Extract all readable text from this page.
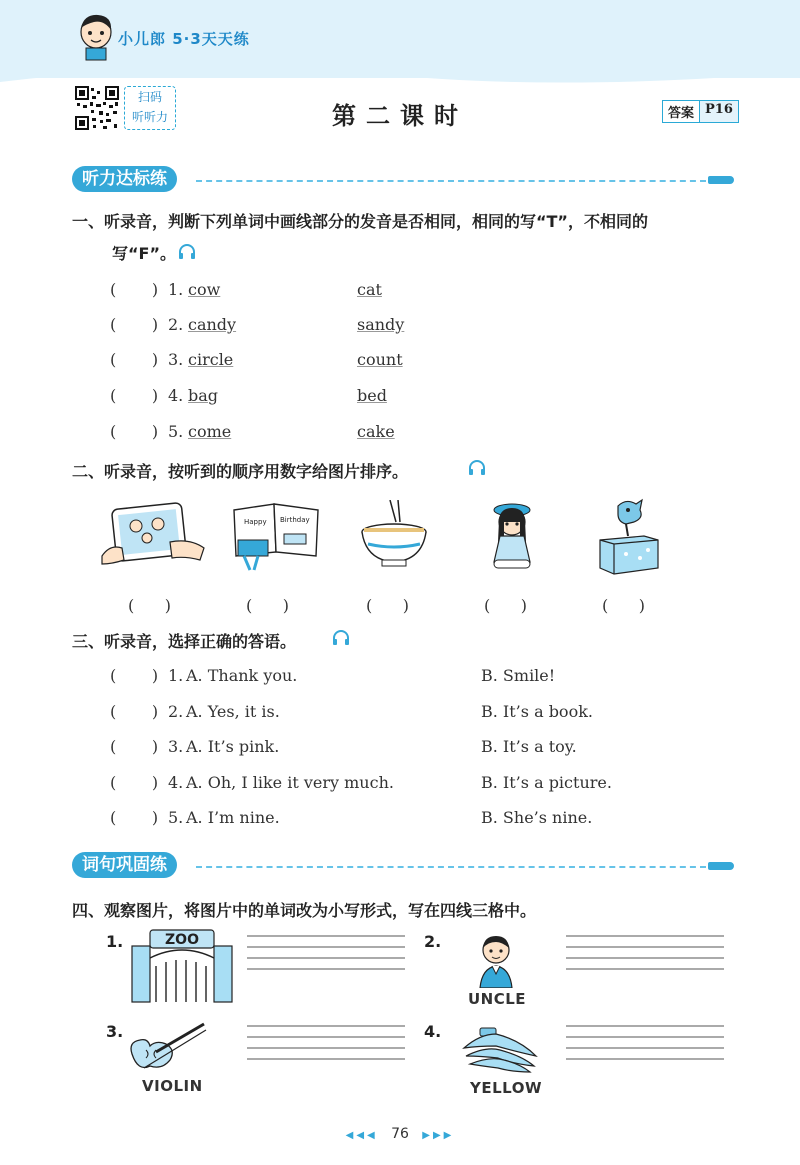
小儿郎 5·3天天练
扫码
听听力	第二课时	答案 P16
听力达标练
一、听录音，判断下列单词中画线部分的发音是否相同，相同的写“T”，不相同的
写“F”。
(       ) 1. cow	cat
(       ) 2. candy	sandy
(       ) 3. circle	count
(       ) 4. bag	bed
(       ) 5. come	cake
二、听录音，按听到的顺序用数字给图片排序。
Happy Birthday
(      )	(      )	(      )	(      )	(      )
三、听录音，选择正确的答语。
(       ) 1. A. Thank you.	B. Smile!
(       ) 2. A. Yes, it is.	B. It’s a book.
(       ) 3. A. It’s pink.	B. It’s a toy.
(       ) 4. A. Oh, I like it very much.	B. It’s a picture.
(       ) 5. A. I’m nine.	B. She’s nine.
词句巩固练
四、观察图片，将图片中的单词改为小写形式，写在四线三格中。
1.	ZOO	2.
UNCLE
3.
VIOLIN
4.
YELLOW
◀◀◀ 76 ▶▶▶
